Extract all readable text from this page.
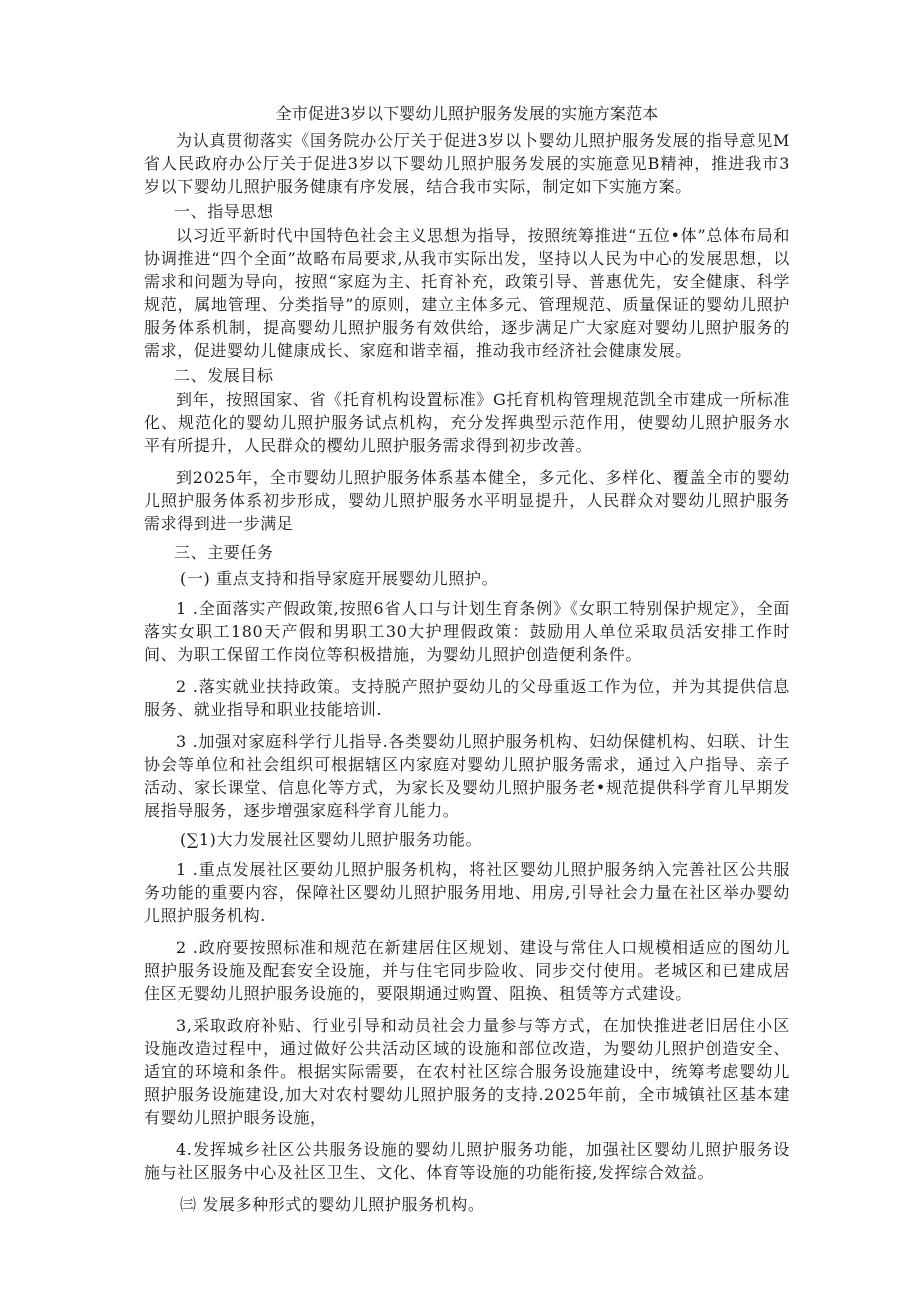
全市促进3岁以下婴幼儿照护服务发展的实施方案范本

为认真贯彻落实《国务院办公厅关于促进3岁以卜婴幼儿照护服务发展的指导意见M省人民政府办公厅关于促进3岁以下婴幼儿照护服务发展的实施意见B精神，推进我市3岁以下婴幼儿照护服务健康有序发展，结合我市实际，制定如下实施方案。

一、指导思想

以习近平新时代中国特色社会主义思想为指导，按照统筹推进“五位•体”总体布局和协调推进“四个全面”故略布局要求,从我市实际出发，坚持以人民为中心的发展思想，以需求和问题为导向，按照“家庭为主、托育补充，政策引导、普惠优先，安全健康、科学规范，属地管理、分类指导”的原则，建立主体多元、管理规范、质量保证的婴幼儿照护服务体系机制，提高婴幼儿照护服务有效供给，逐步满足广大家庭对婴幼儿照护服务的需求，促进婴幼儿健康成长、家庭和谐幸福，推动我市经济社会健康发展。

二、发展目标

到年，按照国家、省《托育机构设置标准》G托育机构管理规范凯全市建成一所标准化、规范化的婴幼儿照护服务试点机构，充分发挥典型示范作用，使婴幼儿照护服务水平有所提升，人民群众的樱幼儿照护服务需求得到初步改善。

到2025年，全市婴幼儿照护服务体系基本健全，多元化、多样化、覆盖全市的婴幼儿照护服务体系初步形成，婴幼儿照护服务水平明显提升，人民群众对婴幼儿照护服务需求得到进一步满足

三、主要任务

(一) 重点支持和指导家庭开展婴幼儿照护。

1 .全面落实产假政策,按照6省人口与计划生育条例》《女职工特别保护规定》，全面落实女职工180天产假和男职工30大护理假政策：鼓励用人单位采取员活安排工作时间、为职工保留工作岗位等积极措施，为婴幼儿照护创造便利条件。

2 .落实就业扶持政策。支持脱产照护耍幼儿的父母重返工作为位，并为其提供信息服务、就业指导和职业技能培训.

3 .加强对家庭科学行儿指导.各类婴幼儿照护服务机构、妇幼保健机构、妇联、计生协会等单位和社会组织可根据辖区内家庭对婴幼儿照护服务需求，通过入户指导、亲子活动、家长课堂、信息化等方式，为家长及婴幼儿照护服务老•规范提供科学育儿早期发展指导服务，逐步增强家庭科学育儿能力。

(∑1)大力发展社区婴幼儿照护服务功能。

1 .重点发展社区要幼儿照护服务机构，将社区婴幼儿照护服务纳入完善社区公共服务功能的重要内容，保障社区婴幼儿照护服务用地、用房,引导社会力量在社区举办婴幼儿照护服务机构.

2 .政府要按照标准和规范在新建居住区规划、建设与常住人口规模相适应的图幼儿照护服务设施及配套安全设施，并与住宅同步险收、同步交付使用。老城区和已建成居住区无婴幼儿照护服务设施的，要限期通过购置、阻换、租赁等方式建设。

3,采取政府补贴、行业引导和动员社会力量参与等方式，在加快推进老旧居住小区设施改造过程中，通过做好公共活动区域的设施和部位改造，为婴幼儿照护创造安全、适宜的环境和条件。根据实际需要，在农村社区综合服务设施建设中，统筹考虑婴幼儿照护服务设施建设,加大对农村婴幼儿照护服务的支持.2025年前，全市城镇社区基本建有婴幼儿照护眼务设施，

4.发挥城乡社区公共服务设施的婴幼儿照护服务功能，加强社区婴幼儿照护服务设施与社区服务中心及社区卫生、文化、体育等设施的功能衔接,发挥综合效益。

㈢ 发展多种形式的婴幼儿照护服务机构。
